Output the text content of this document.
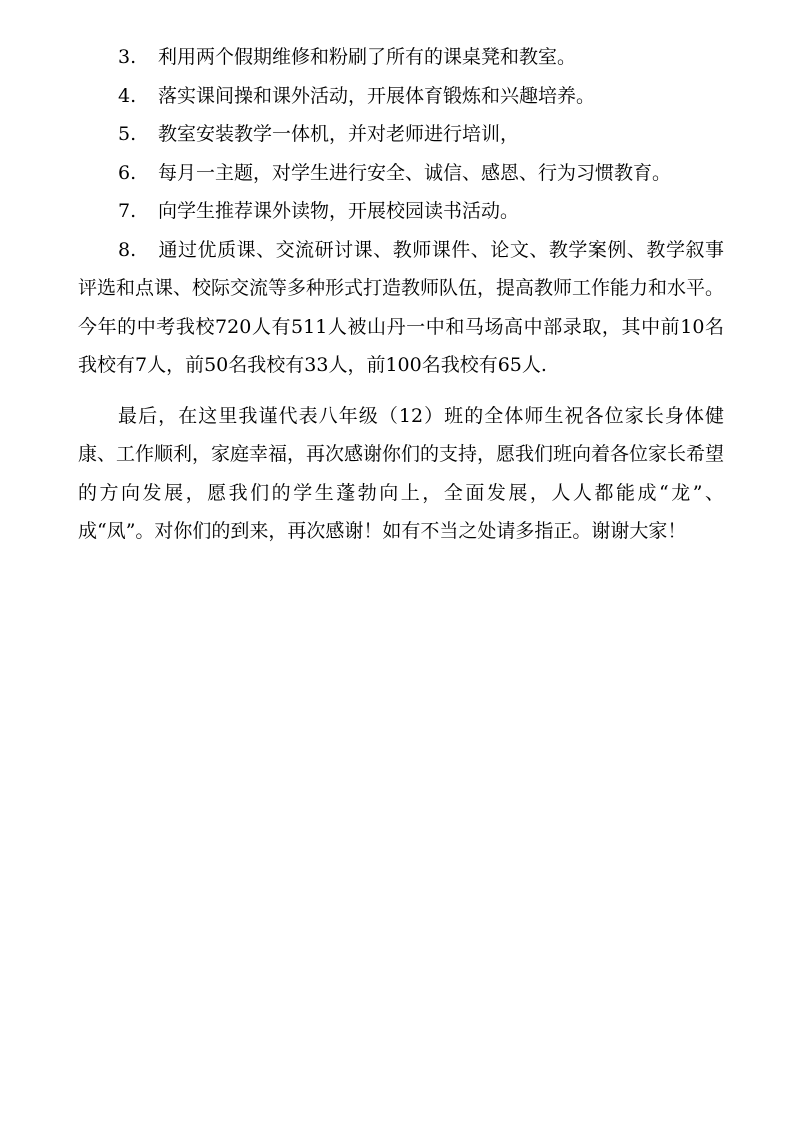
3. 利用两个假期维修和粉刷了所有的课桌凳和教室。
4. 落实课间操和课外活动，开展体育锻炼和兴趣培养。
5. 教室安装教学一体机，并对老师进行培训，
6. 每月一主题，对学生进行安全、诚信、感恩、行为习惯教育。
7. 向学生推荐课外读物，开展校园读书活动。
8. 通过优质课、交流研讨课、教师课件、论文、教学案例、教学叙事评选和点课、校际交流等多种形式打造教师队伍，提高教师工作能力和水平。今年的中考我校720人有511人被山丹一中和马场高中部录取，其中前10名我校有7人，前50名我校有33人，前100名我校有65人.

最后，在这里我谨代表八年级（12）班的全体师生祝各位家长身体健康、工作顺利，家庭幸福，再次感谢你们的支持，愿我们班向着各位家长希望的方向发展，愿我们的学生蓬勃向上，全面发展，人人都能成“龙”、成“凤”。对你们的到来，再次感谢！如有不当之处请多指正。谢谢大家！
